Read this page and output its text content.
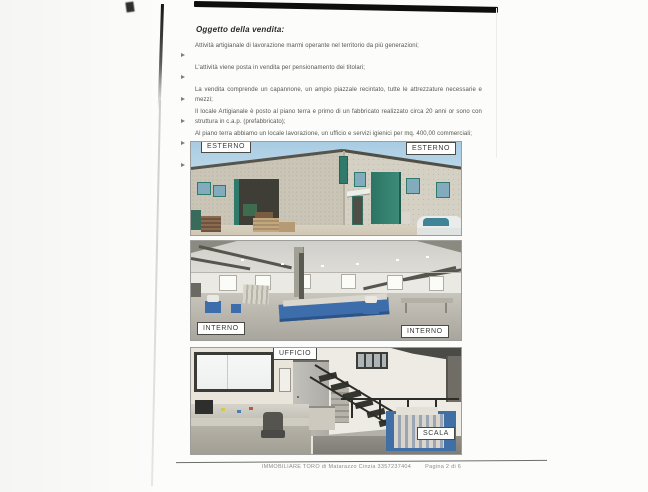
Oggetto della vendita:
Attività artigianale di lavorazione marmi operante nel territorio da più generazioni;
L'attività viene posta in vendita per pensionamento dei titolari;
La vendita comprende un capannone, un ampio piazzale recintato, tutte le attrezzature necessarie e mezzi;
Il locale Artigianale è posto al piano terra e primo di un fabbricato realizzato circa 20 anni or sono con struttura in c.a.p. (prefabbricato);
Al piano terra abbiamo un locale lavorazione, un ufficio e servizi igienici per mq. 400,00 commerciali;
ESTERNO	ESTERNO
INTERNO	INTERNO
UFFICIO
SCALA
IMMOBILIARE TORO di Matarazzo Cinzia 3357237404	Pagina 2 di 6
